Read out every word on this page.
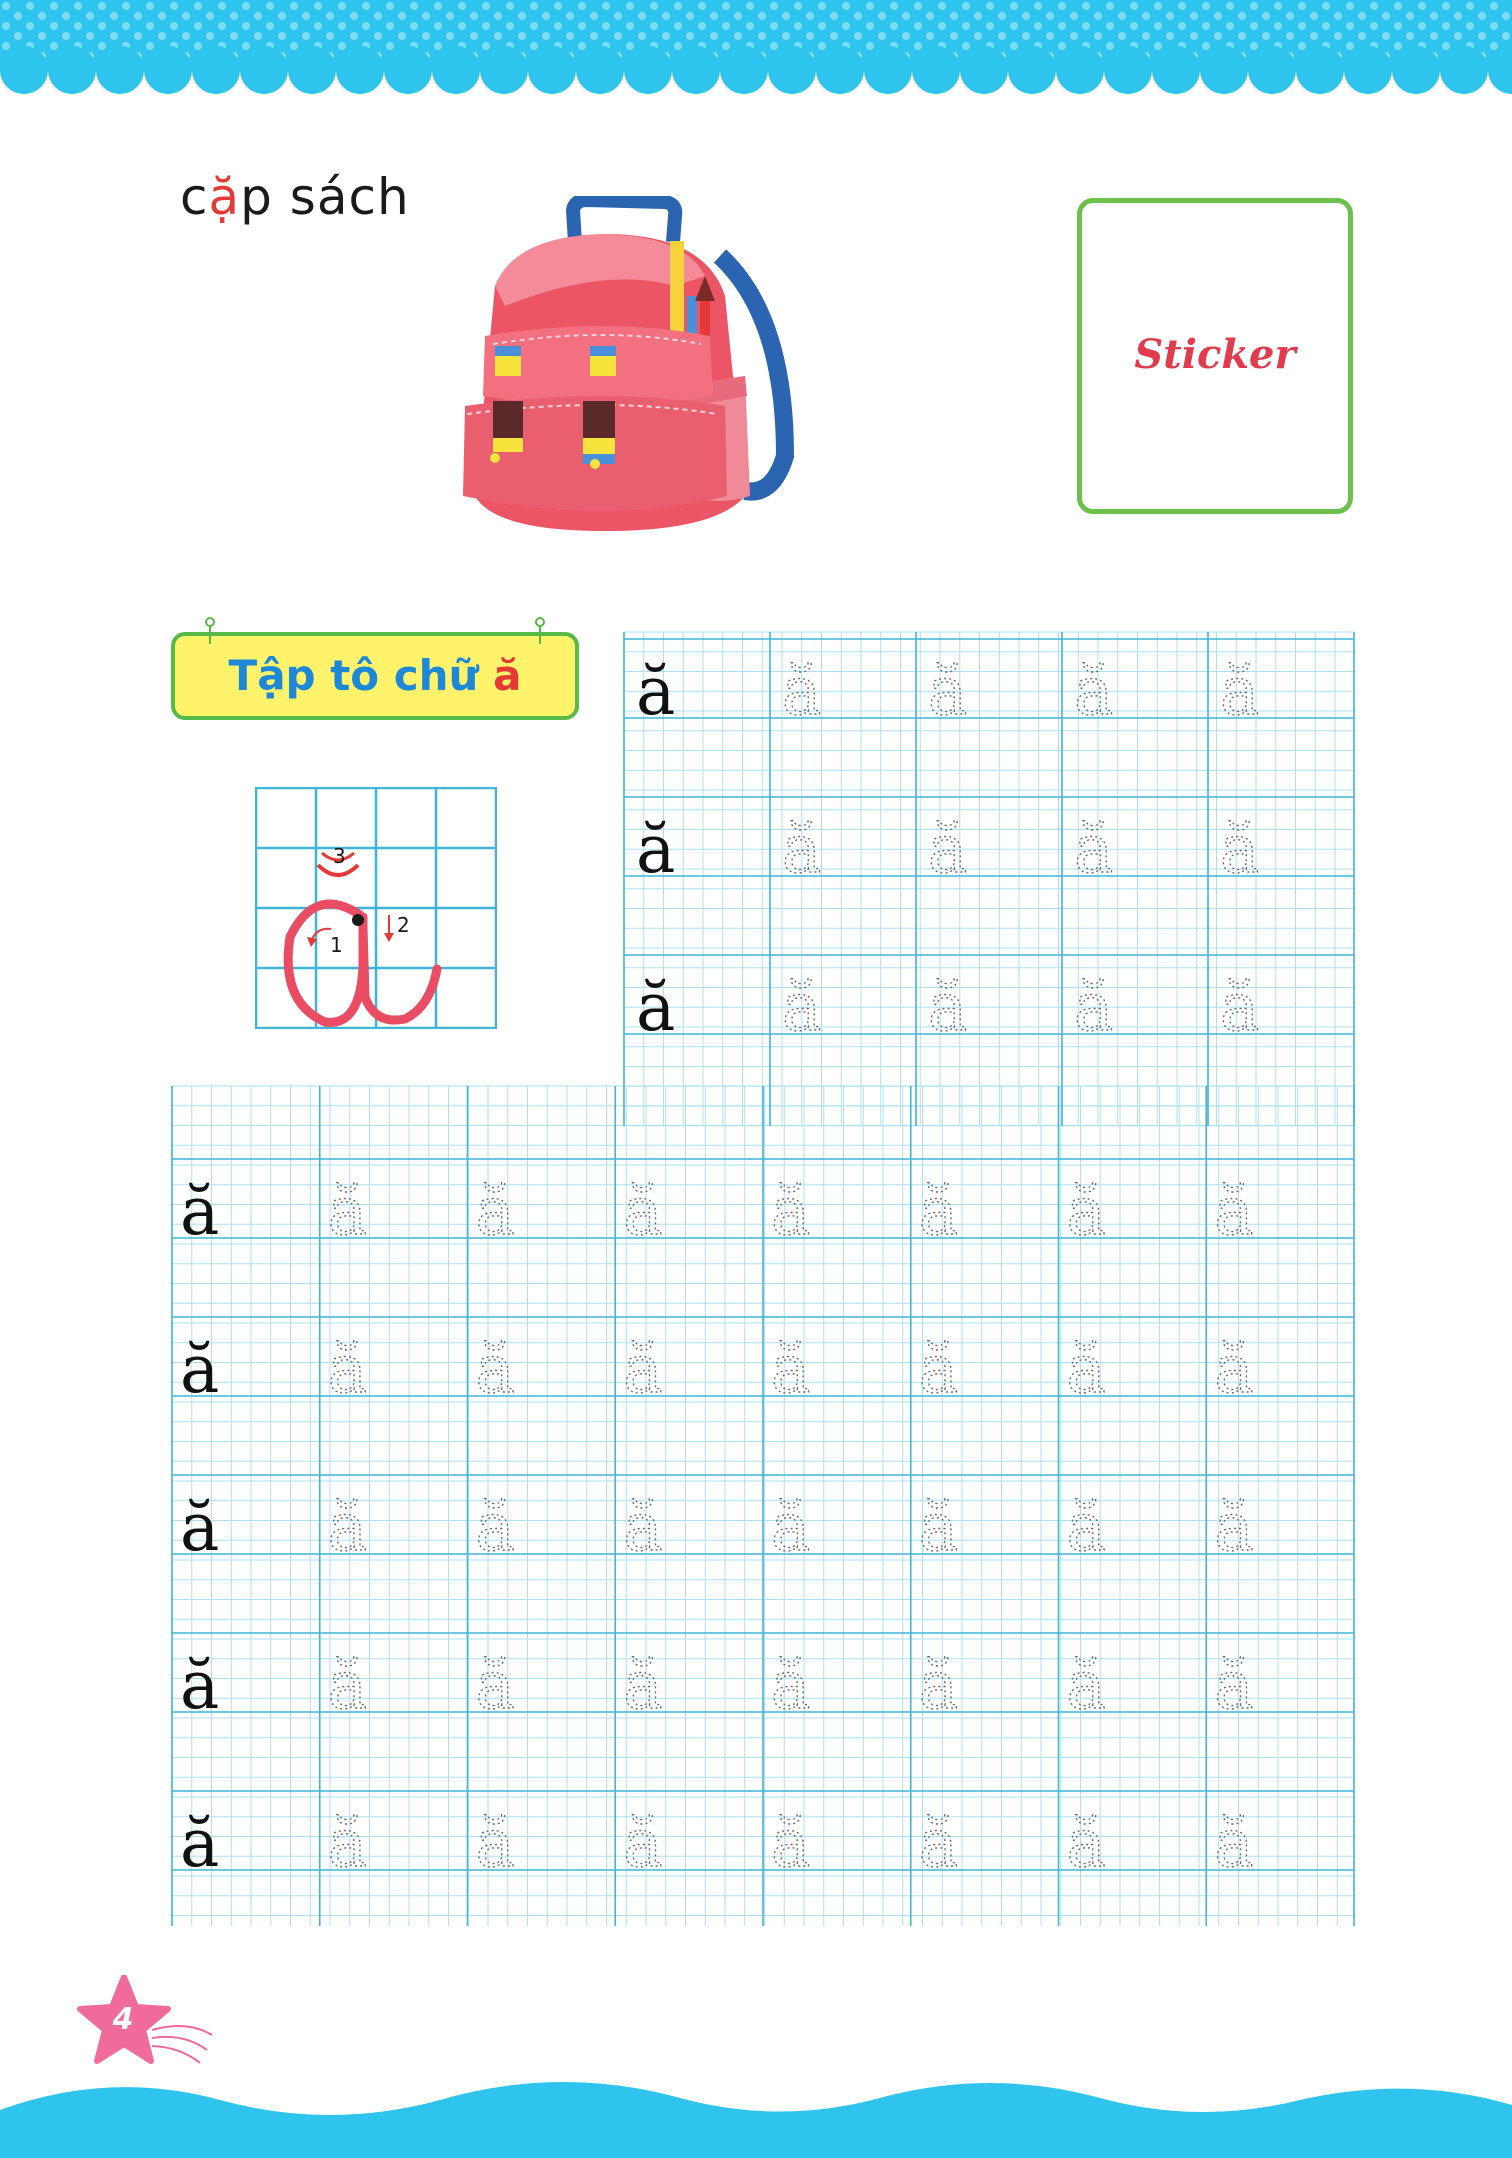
cặp sách
Sticker
Tập tô chữ ă
1
2
3
ă ă ă ă ă
ă ă ă ă ă
ă ă ă ă ă
ă ă ă ă ă ă ă ă
ă ă ă ă ă ă ă ă
ă ă ă ă ă ă ă ă
ă ă ă ă ă ă ă ă
ă ă ă ă ă ă ă ă
4
